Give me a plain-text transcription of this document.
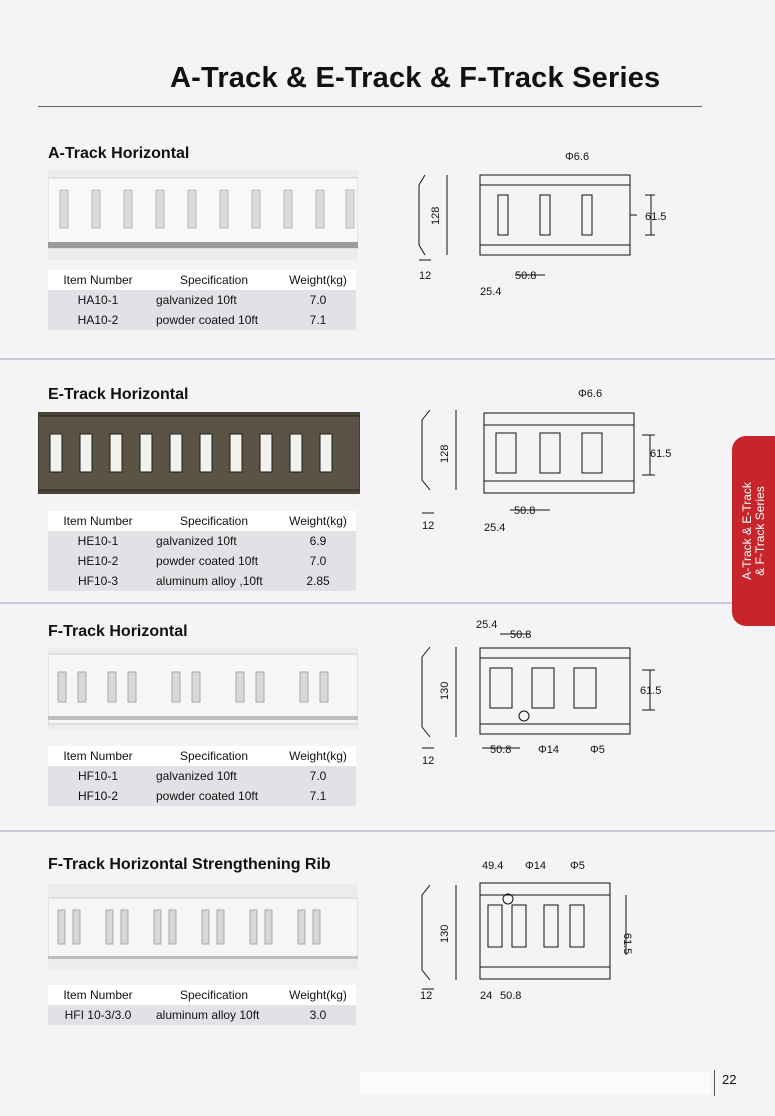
A-Track & E-Track & F-Track Series
A-Track & E-Track & F-Track Series
A-Track Horizontal
Item Number	Specification	Weight(kg)
HA10-1	galvanized 10ft	7.0
HA10-2	powder coated 10ft	7.1
Φ6.6
128
12	50.8
25.4
61.5
E-Track Horizontal
Item Number	Specification	Weight(kg)
HE10-1	galvanized 10ft	6.9
HE10-2	powder coated 10ft	7.0
HF10-3	aluminum alloy ,10ft	2.85
Φ6.6
128
12
50.8
25.4
61.5
F-Track Horizontal
Item Number	Specification	Weight(kg)
HF10-1	galvanized 10ft	7.0
HF10-2	powder coated 10ft	7.1
25.4
50.8
130
12
50.8 Φ14	Φ5
61.5
F-Track Horizontal Strengthening Rib
Item Number	Specification	Weight(kg)
HFI 10-3/3.0	aluminum alloy 10ft	3.0
49.4 Φ14 Φ5
130
12	24 50.8
61.5
22
